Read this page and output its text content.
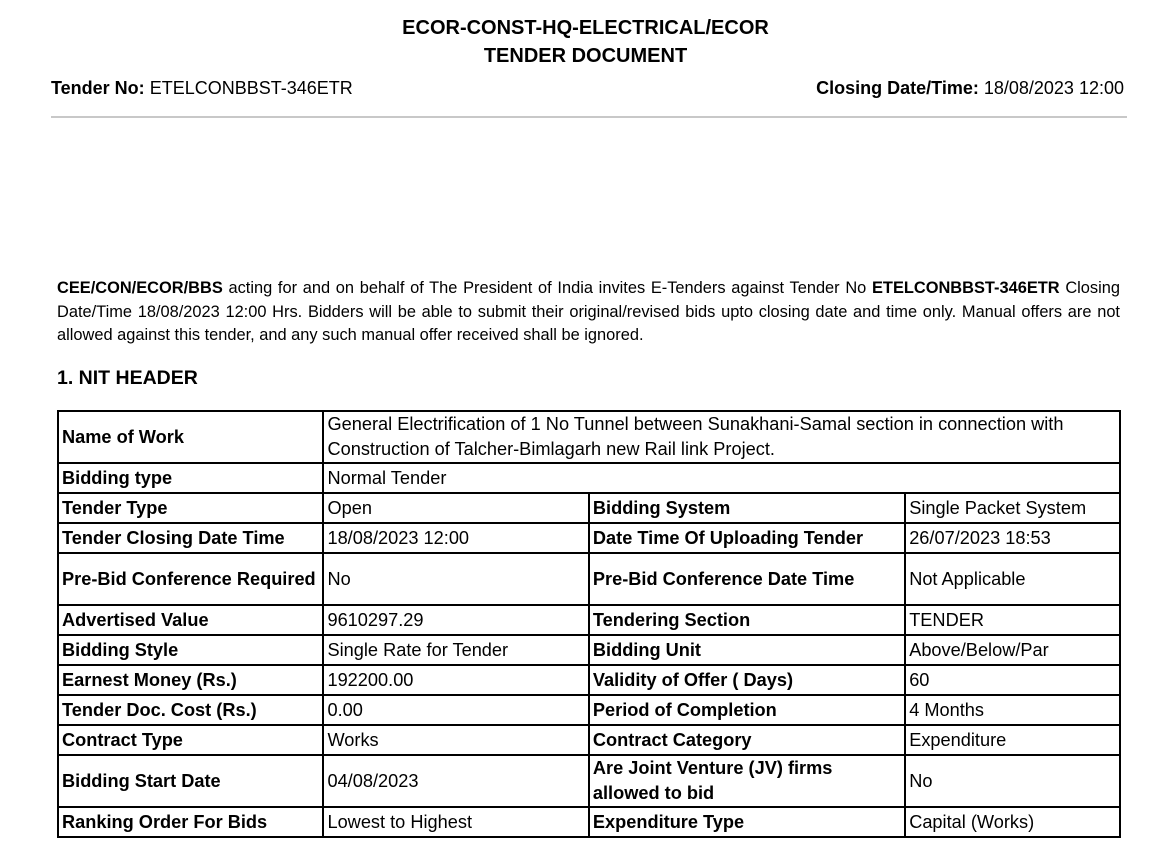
ECOR-CONST-HQ-ELECTRICAL/ECOR
TENDER DOCUMENT
Tender No: ETELCONBBST-346ETR	Closing Date/Time: 18/08/2023 12:00

CEE/CON/ECOR/BBS acting for and on behalf of The President of India invites E-Tenders against Tender No ETELCONBBST-346ETR Closing Date/Time 18/08/2023 12:00 Hrs. Bidders will be able to submit their original/revised bids upto closing date and time only. Manual offers are not allowed against this tender, and any such manual offer received shall be ignored.

1. NIT HEADER
Name of Work	General Electrification of 1 No Tunnel between Sunakhani-Samal section in connection with Construction of Talcher-Bimlagarh new Rail link Project.		
Bidding type	Normal Tender		
Tender Type	Open	Bidding System	Single Packet System
Tender Closing Date Time	18/08/2023 12:00	Date Time Of Uploading Tender	26/07/2023 18:53
Pre-Bid Conference Required	No	Pre-Bid Conference Date Time	Not Applicable
Advertised Value	9610297.29	Tendering Section	TENDER
Bidding Style	Single Rate for Tender	Bidding Unit	Above/Below/Par
Earnest Money (Rs.)	192200.00	Validity of Offer ( Days)	60
Tender Doc. Cost (Rs.)	0.00	Period of Completion	4 Months
Contract Type	Works	Contract Category	Expenditure
Bidding Start Date	04/08/2023	Are Joint Venture (JV) firms allowed to bid	No
Ranking Order For Bids	Lowest to Highest	Expenditure Type	Capital (Works)
